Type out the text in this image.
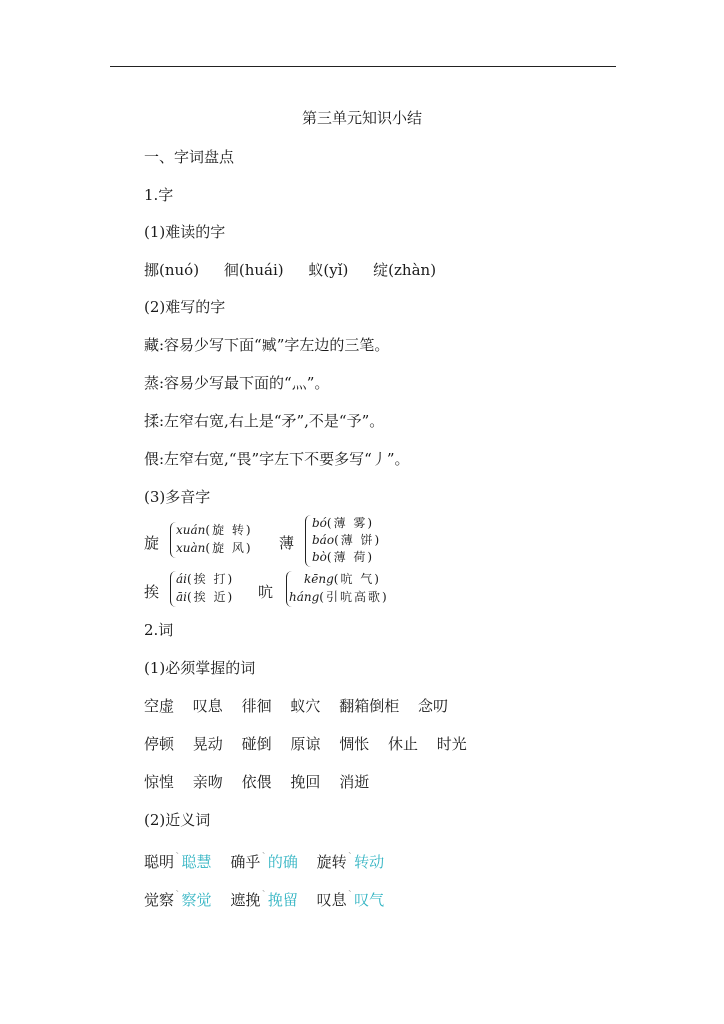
第三单元知识小结
一、字词盘点
1.字
(1)难读的字
挪(nuó) 徊(huái) 蚁(yǐ) 绽(zhàn)
(2)难写的字
藏:容易少写下面“臧”字左边的三笔。
蒸:容易少写最下面的“灬”。
揉:左窄右宽,右上是“矛”,不是“予”。
偎:左窄右宽,“畏”字左下不要多写“丿”。
(3)多音字
旋
xuán(旋 转)
xuàn(旋 风) 薄
bó(薄 雾)
báo(薄 饼)
bò(薄 荷)
挨
ái(挨 打)
āi(挨 近) 吭
kēng(吭 气)
háng(引吭高歌)
2.词
(1)必须掌握的词
空虚 叹息 徘徊 蚁穴 翻箱倒柜 念叨
停顿 晃动 碰倒 原谅 惆怅 休止 时光
惊惶 亲吻 依偎 挽回 消逝
(2)近义词
聪明`聪慧 确乎`的确 旋转`转动
觉察`察觉 遮挽`挽留 叹息`叹气
